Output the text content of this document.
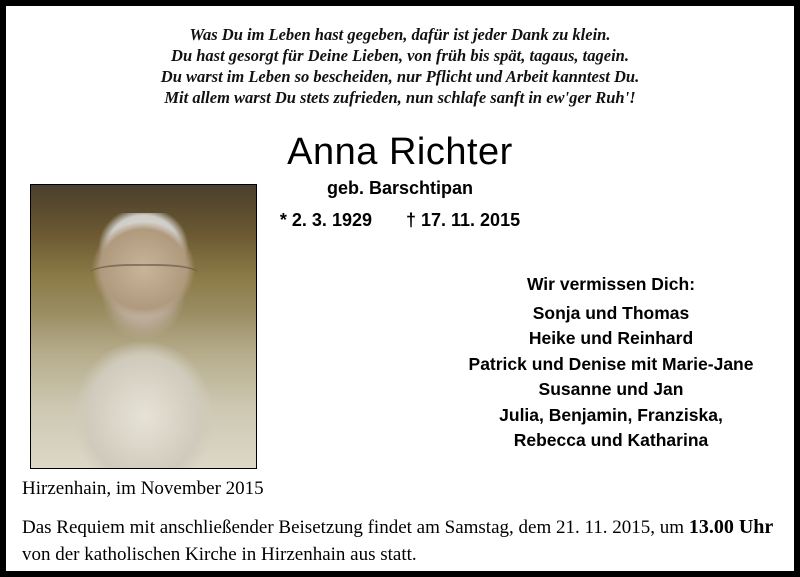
Was Du im Leben hast gegeben, dafür ist jeder Dank zu klein.
Du hast gesorgt für Deine Lieben, von früh bis spät, tagaus, tagein.
Du warst im Leben so bescheiden, nur Pflicht und Arbeit kanntest Du.
Mit allem warst Du stets zufrieden, nun schlafe sanft in ew'ger Ruh'!
Anna Richter
geb. Barschtipan
* 2. 3. 1929 † 17. 11. 2015
Wir vermissen Dich:
Sonja und Thomas
Heike und Reinhard
Patrick und Denise mit Marie-Jane
Susanne und Jan
Julia, Benjamin, Franziska,
Rebecca und Katharina
Hirzenhain, im November 2015
Das Requiem mit anschließender Beisetzung findet am Samstag, dem 21. 11. 2015, um 13.00 Uhr von der katholischen Kirche in Hirzenhain aus statt.
